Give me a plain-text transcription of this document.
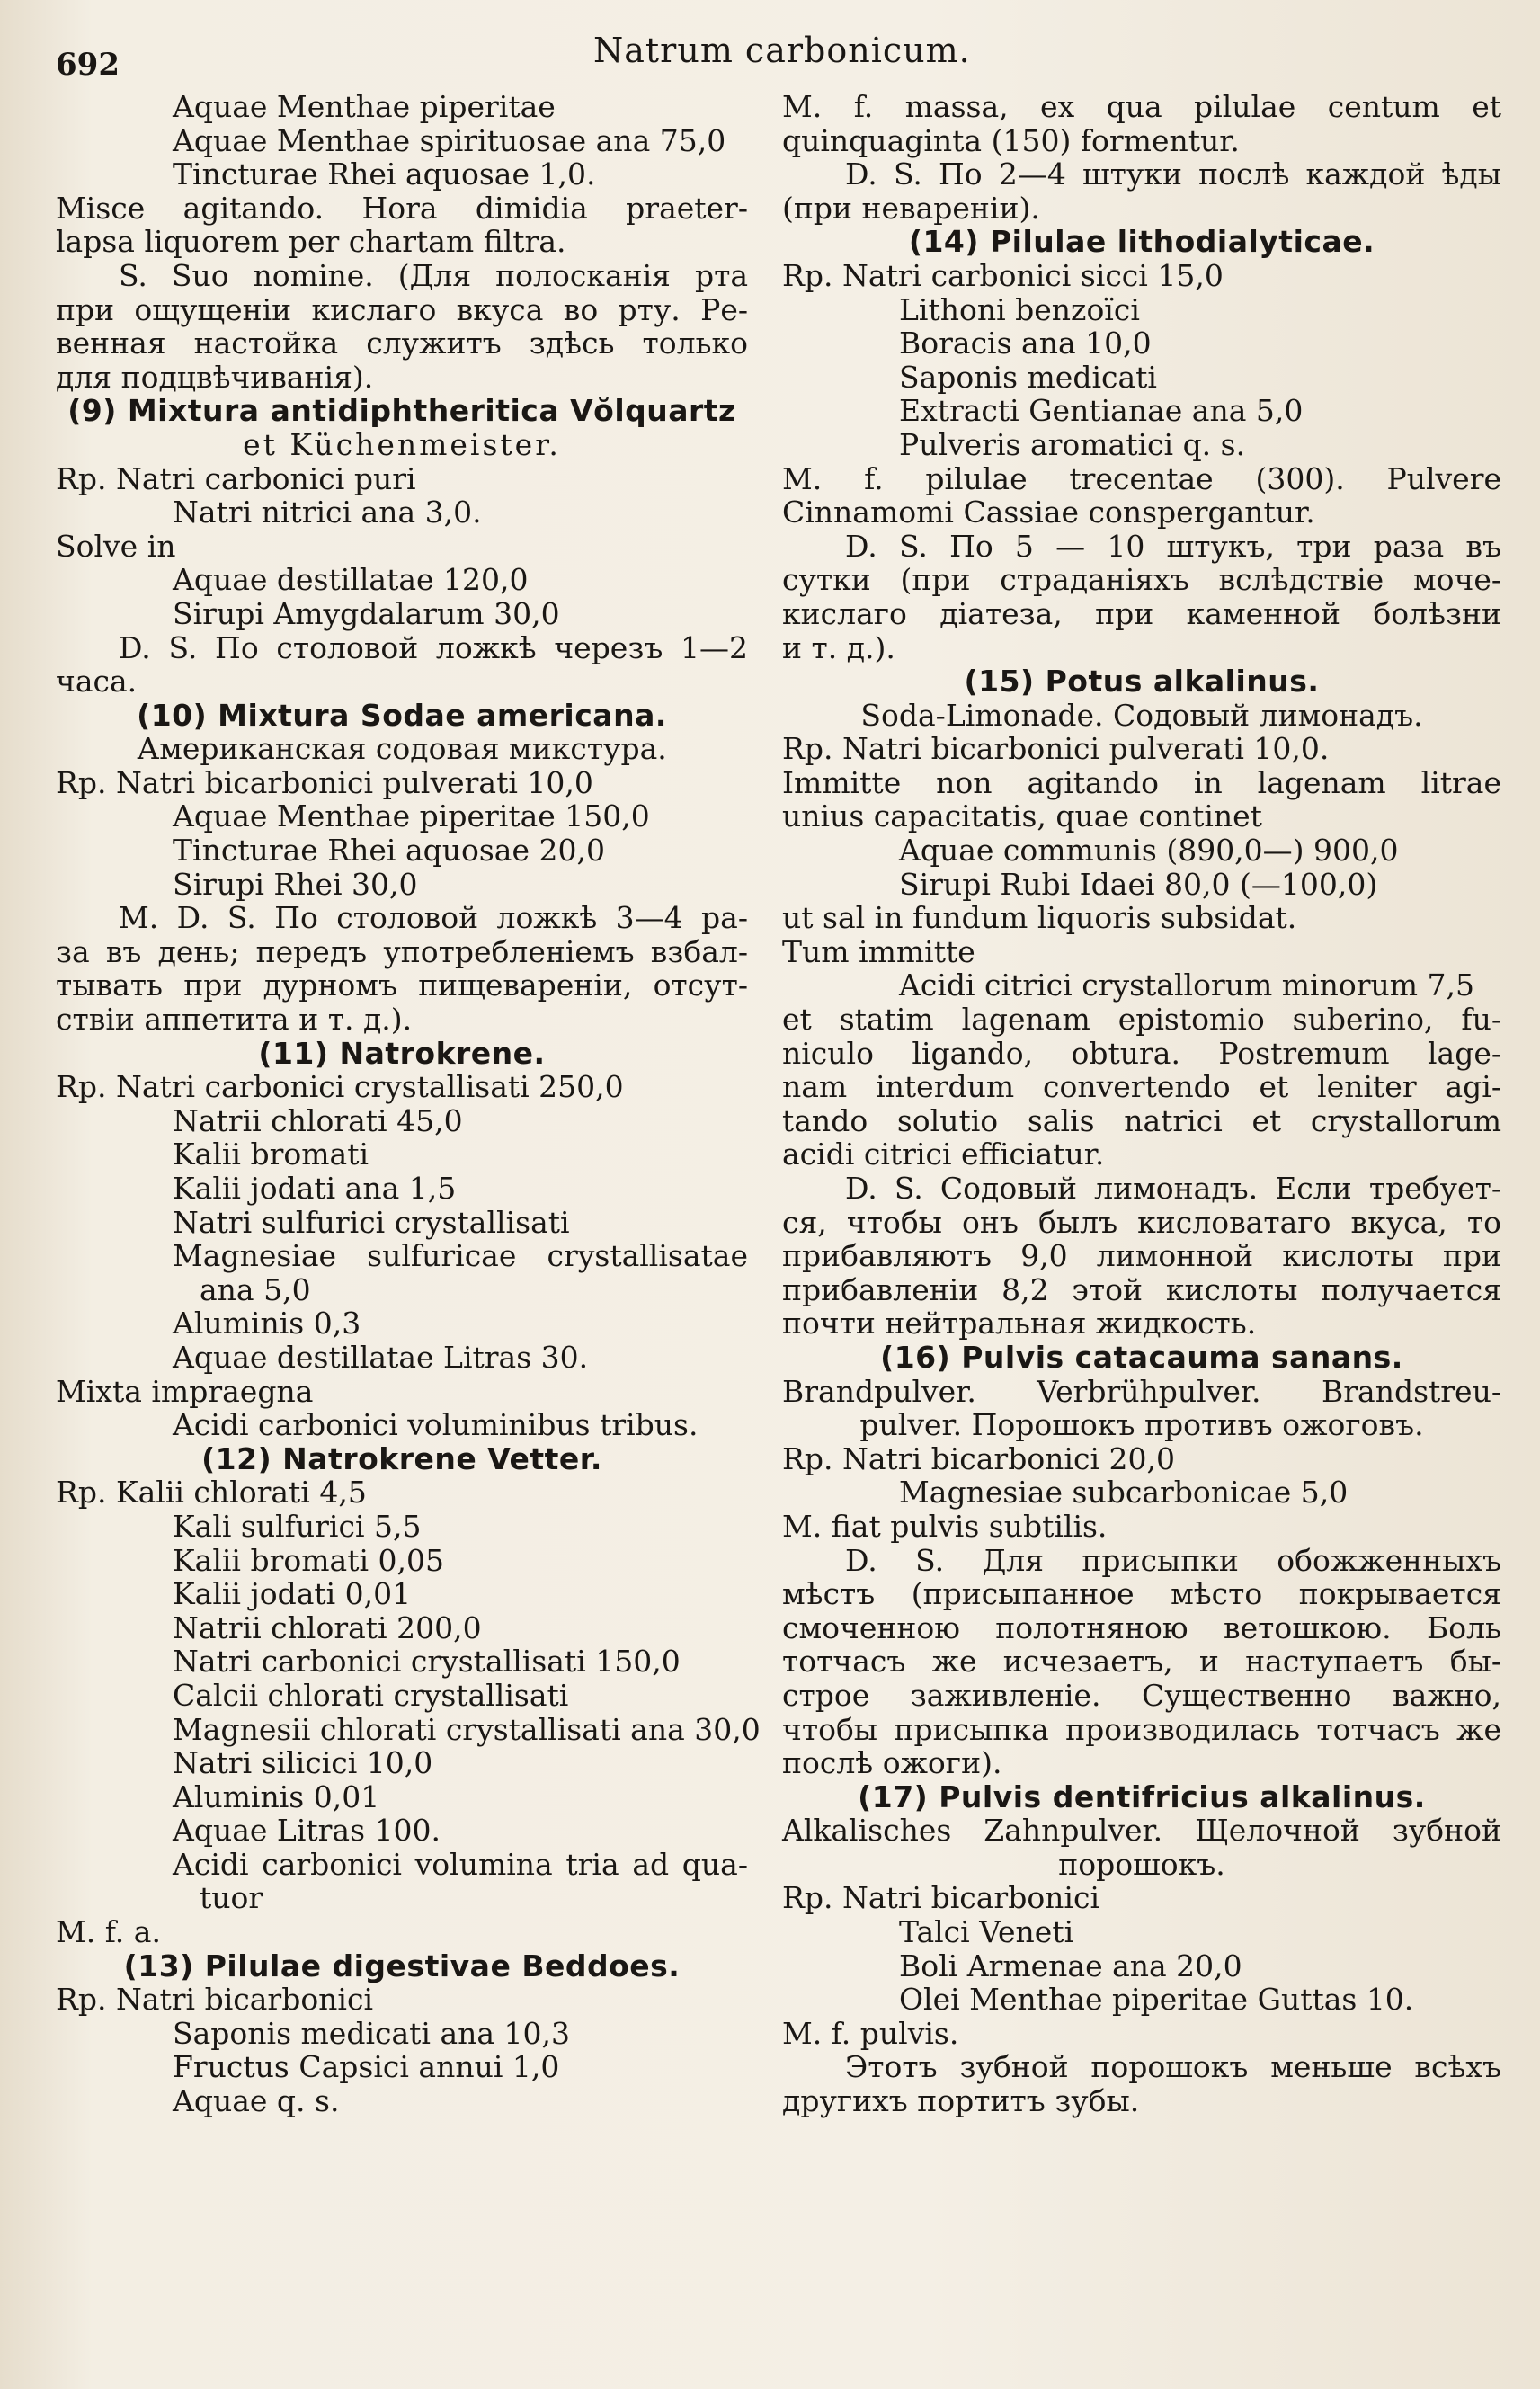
692	Natrum carbonicum.
Aquae Menthae piperitae
Aquae Menthae spirituosae ana 75,0
Tincturae Rhei aquosae 1,0.
Misce agitando. Hora dimidia praeter-
lapsa liquorem per chartam filtra.
S. Suo nomine. (Для полосканія рта
при ощущеніи кислаго вкуса во рту. Ре-
венная настойка служитъ здѣсь только
для подцвѣчиванія).
(9) Mixtura antidiphtheritica Vŏlquartz
et Küchenmeister.
Rp. Natri carbonici puri
Natri nitrici ana 3,0.
Solve in
Aquae destillatae 120,0
Sirupi Amygdalarum 30,0
D. S. По столовой ложкѣ черезъ 1—2
часа.
(10) Mixtura Sodae americana.
Американская содовая микстура.
Rp. Natri bicarbonici pulverati 10,0
Aquae Menthae piperitae 150,0
Tincturae Rhei aquosae 20,0
Sirupi Rhei 30,0
M. D. S. По столовой ложкѣ 3—4 ра-
за въ день; передъ употребленіемъ взбал-
тывать при дурномъ пищевареніи, отсут-
ствіи аппетита и т. д.).
(11) Natrokrene.
Rp. Natri carbonici crystallisati 250,0
Natrii chlorati 45,0
Kalii bromati
Kalii jodati ana 1,5
Natri sulfurici crystallisati
Magnesiae sulfuricae crystallisatae
ana 5,0
Aluminis 0,3
Aquae destillatae Litras 30.
Mixta impraegna
Acidi carbonici voluminibus tribus.
(12) Natrokrene Vetter.
Rp. Kalii chlorati 4,5
Kali sulfurici 5,5
Kalii bromati 0,05
Kalii jodati 0,01
Natrii chlorati 200,0
Natri carbonici crystallisati 150,0
Calcii chlorati crystallisati
Magnesii chlorati crystallisati ana 30,0
Natri silicici 10,0
Aluminis 0,01
Aquae Litras 100.
Acidi carbonici volumina tria ad qua-
tuor
M. f. a.
(13) Pilulae digestivae Beddoes.
Rp. Natri bicarbonici
Saponis medicati ana 10,3
Fructus Capsici annui 1,0
Aquae q. s.
M. f. massa, ex qua pilulae centum et
quinquaginta (150) formentur.
D. S. По 2—4 штуки послѣ каждой ѣды
(при невареніи).
(14) Pilulae lithodialyticae.
Rp. Natri carbonici sicci 15,0
Lithoni benzoïci
Boracis ana 10,0
Saponis medicati
Extracti Gentianae ana 5,0
Pulveris aromatici q. s.
M. f. pilulae trecentae (300). Pulvere
Cinnamomi Cassiae conspergantur.
D. S. По 5 — 10 штукъ, три раза въ
сутки (при страданіяхъ вслѣдствіе моче-
кислаго діатеза, при каменной болѣзни
и т. д.).
(15) Potus alkalinus.
Soda-Limonade. Содовый лимонадъ.
Rp. Natri bicarbonici pulverati 10,0.
Immitte non agitando in lagenam litrae
unius capacitatis, quae continet
Aquae communis (890,0—) 900,0
Sirupi Rubi Idaei 80,0 (—100,0)
ut sal in fundum liquoris subsidat.
Tum immitte
Acidi citrici crystallorum minorum 7,5
et statim lagenam epistomio suberino, fu-
niculo ligando, obtura. Postremum lage-
nam interdum convertendo et leniter agi-
tando solutio salis natrici et crystallorum
acidi citrici efficiatur.
D. S. Содовый лимонадъ. Если требует-
ся, чтобы онъ былъ кисловатаго вкуса, то
прибавляютъ 9,0 лимонной кислоты при
прибавленіи 8,2 этой кислоты получается
почти нейтральная жидкость.
(16) Pulvis catacauma sanans.
Brandpulver. Verbrühpulver. Brandstreu-
pulver. Порошокъ противъ ожоговъ.
Rp. Natri bicarbonici 20,0
Magnesiae subcarbonicae 5,0
M. fiat pulvis subtilis.
D. S. Для присыпки обожженныхъ
мѣстъ (присыпанное мѣсто покрывается
смоченною полотняною ветошкою. Боль
тотчасъ же исчезаетъ, и наступаетъ бы-
строе заживленіе. Существенно важно,
чтобы присыпка производилась тотчасъ же
послѣ ожоги).
(17) Pulvis dentifricius alkalinus.
Alkalisches Zahnpulver. Щелочной зубной
порошокъ.
Rp. Natri bicarbonici
Talci Veneti
Boli Armenae ana 20,0
Olei Menthae piperitae Guttas 10.
M. f. pulvis.
Этотъ зубной порошокъ меньше всѣхъ
другихъ портитъ зубы.
